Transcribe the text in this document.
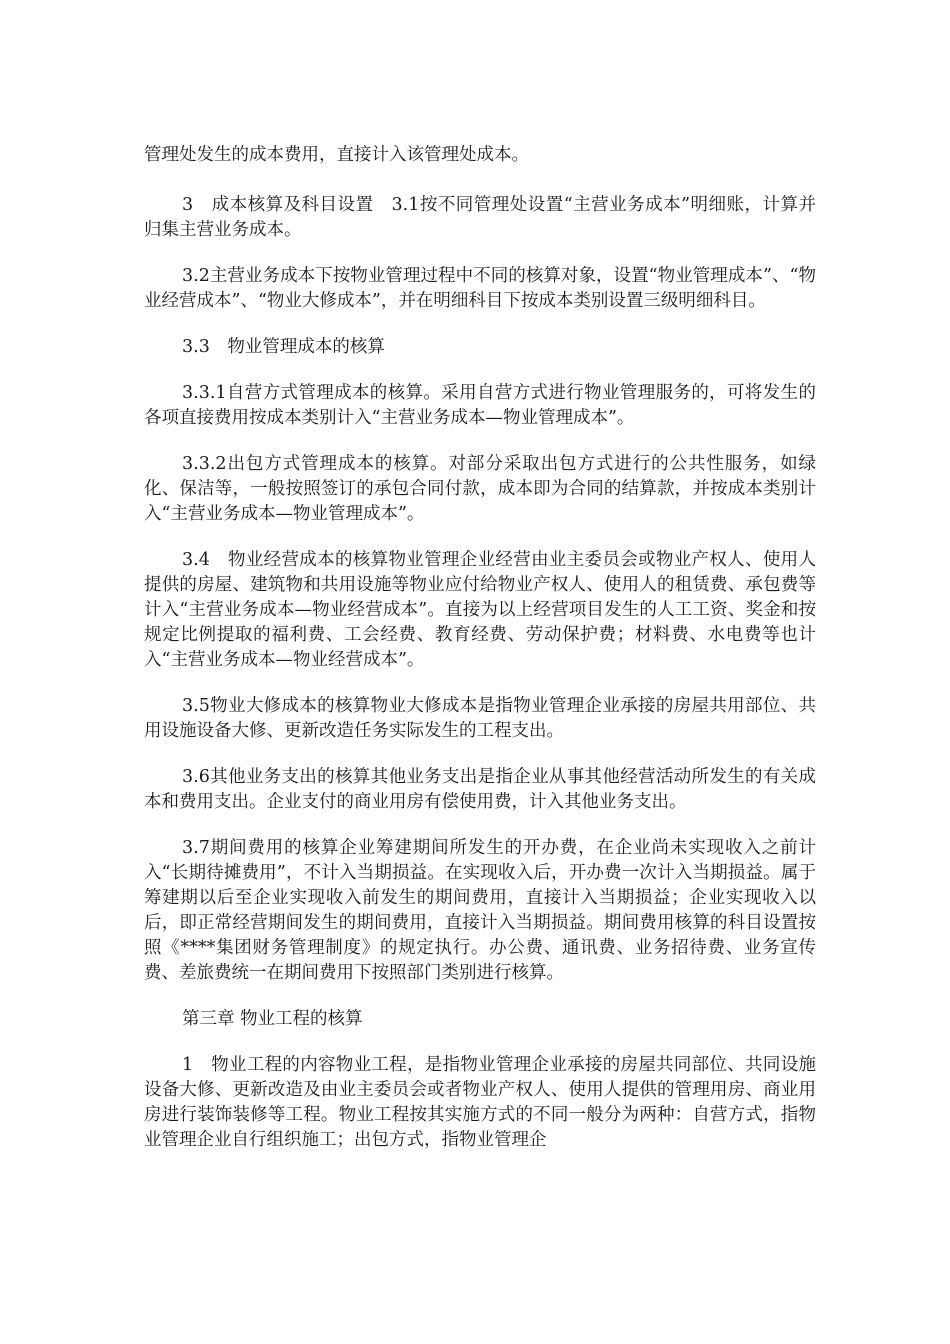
管理处发生的成本费用，直接计入该管理处成本。

3　成本核算及科目设置　3.1按不同管理处设置“主营业务成本”明细账，计算并归集主营业务成本。

3.2主营业务成本下按物业管理过程中不同的核算对象，设置“物业管理成本”、“物业经营成本”、“物业大修成本”，并在明细科目下按成本类别设置三级明细科目。

3.3　物业管理成本的核算

3.3.1自营方式管理成本的核算。采用自营方式进行物业管理服务的，可将发生的各项直接费用按成本类别计入“主营业务成本—物业管理成本”。

3.3.2出包方式管理成本的核算。对部分采取出包方式进行的公共性服务，如绿化、保洁等，一般按照签订的承包合同付款，成本即为合同的结算款，并按成本类别计入“主营业务成本—物业管理成本”。

3.4　物业经营成本的核算物业管理企业经营由业主委员会或物业产权人、使用人提供的房屋、建筑物和共用设施等物业应付给物业产权人、使用人的租赁费、承包费等计入“主营业务成本—物业经营成本”。直接为以上经营项目发生的人工工资、奖金和按规定比例提取的福利费、工会经费、教育经费、劳动保护费；材料费、水电费等也计入“主营业务成本—物业经营成本”。

3.5物业大修成本的核算物业大修成本是指物业管理企业承接的房屋共用部位、共用设施设备大修、更新改造任务实际发生的工程支出。

3.6其他业务支出的核算其他业务支出是指企业从事其他经营活动所发生的有关成本和费用支出。企业支付的商业用房有偿使用费，计入其他业务支出。

3.7期间费用的核算企业筹建期间所发生的开办费，在企业尚未实现收入之前计入“长期待摊费用”，不计入当期损益。在实现收入后，开办费一次计入当期损益。属于筹建期以后至企业实现收入前发生的期间费用，直接计入当期损益；企业实现收入以后，即正常经营期间发生的期间费用，直接计入当期损益。期间费用核算的科目设置按照《****集团财务管理制度》的规定执行。办公费、通讯费、业务招待费、业务宣传费、差旅费统一在期间费用下按照部门类别进行核算。

第三章 物业工程的核算

1　物业工程的内容物业工程，是指物业管理企业承接的房屋共同部位、共同设施设备大修、更新改造及由业主委员会或者物业产权人、使用人提供的管理用房、商业用房进行装饰装修等工程。物业工程按其实施方式的不同一般分为两种：自营方式，指物业管理企业自行组织施工；出包方式，指物业管理企
